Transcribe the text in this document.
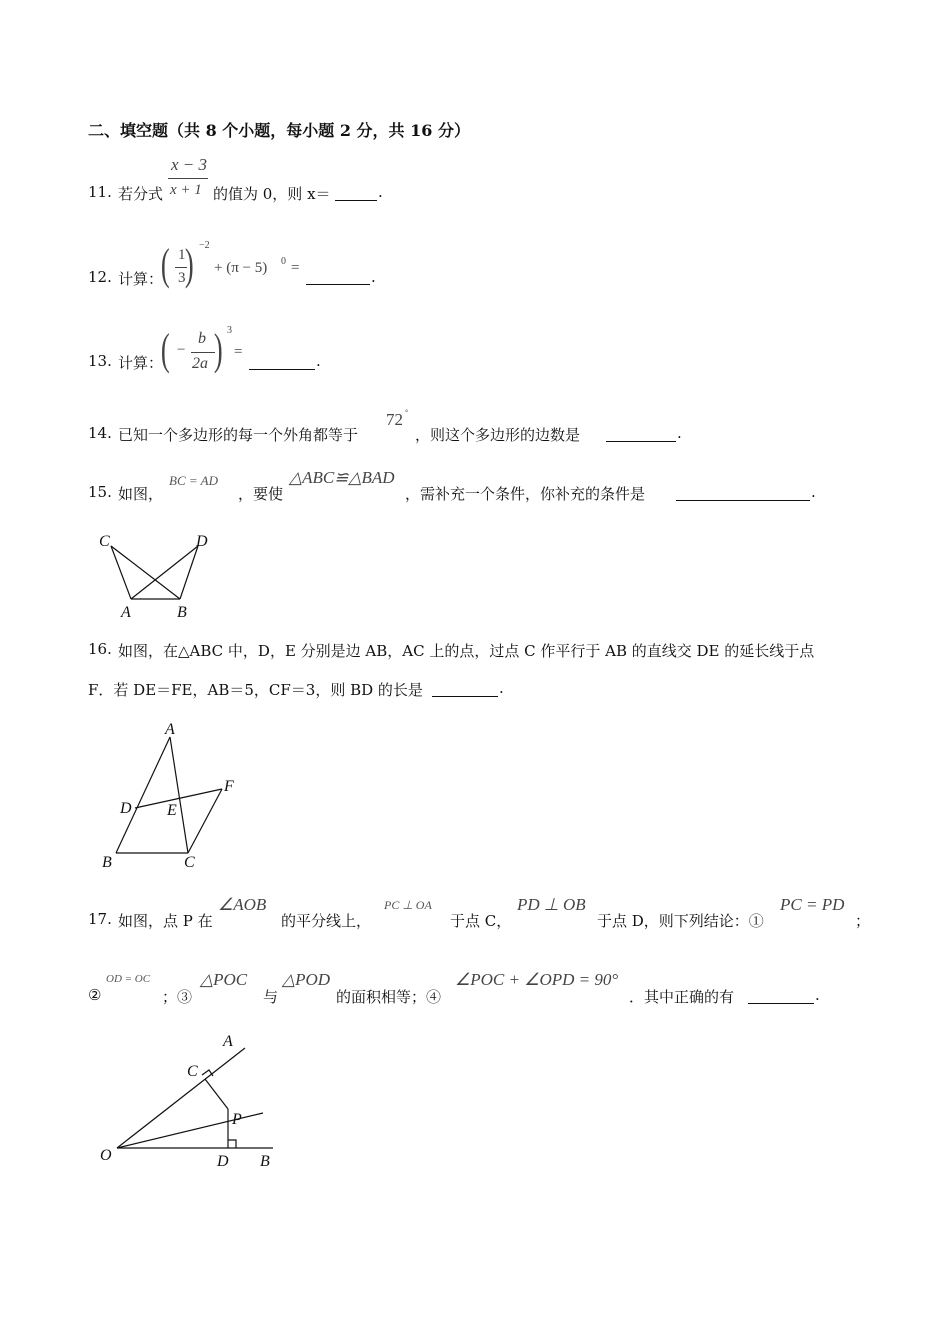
二、填空题（共 8 个小题，每小题 2 分，共 16 分）
11. 若分式
x − 3
x + 1 的值为 0，则 x＝	.
12. 计算：
( 1
3 ) −2
+ (π − 5) 0 =	.
13. 计算：
( −
b
2a ) 3
=	.
14. 已知一个多边形的每一个外角都等于
72 °
，则这个多边形的边数是	.
15. 如图，
BC = AD
，要使
△ABC≌△BAD
，需补充一个条件，你补充的条件是	.
C	D
A	B
16. 如图，在△ABC 中，D，E 分别是边 AB，AC 上的点，过点 C 作平行于 AB 的直线交 DE 的延长线于点
F．若 DE＝FE，AB＝5，CF＝3，则 BD 的长是	.
A
F
D E
B	C
17. 如图，点 P 在
∠AOB
的平分线上，
PC ⊥ OA
于点 C，
PD ⊥ OB
于点 D，则下列结论：①
PC = PD
；
②
OD = OC
；③
△POC
与
△POD
的面积相等；④
∠POC + ∠OPD = 90°
．其中正确的有	.
A
C
P
O	D B
